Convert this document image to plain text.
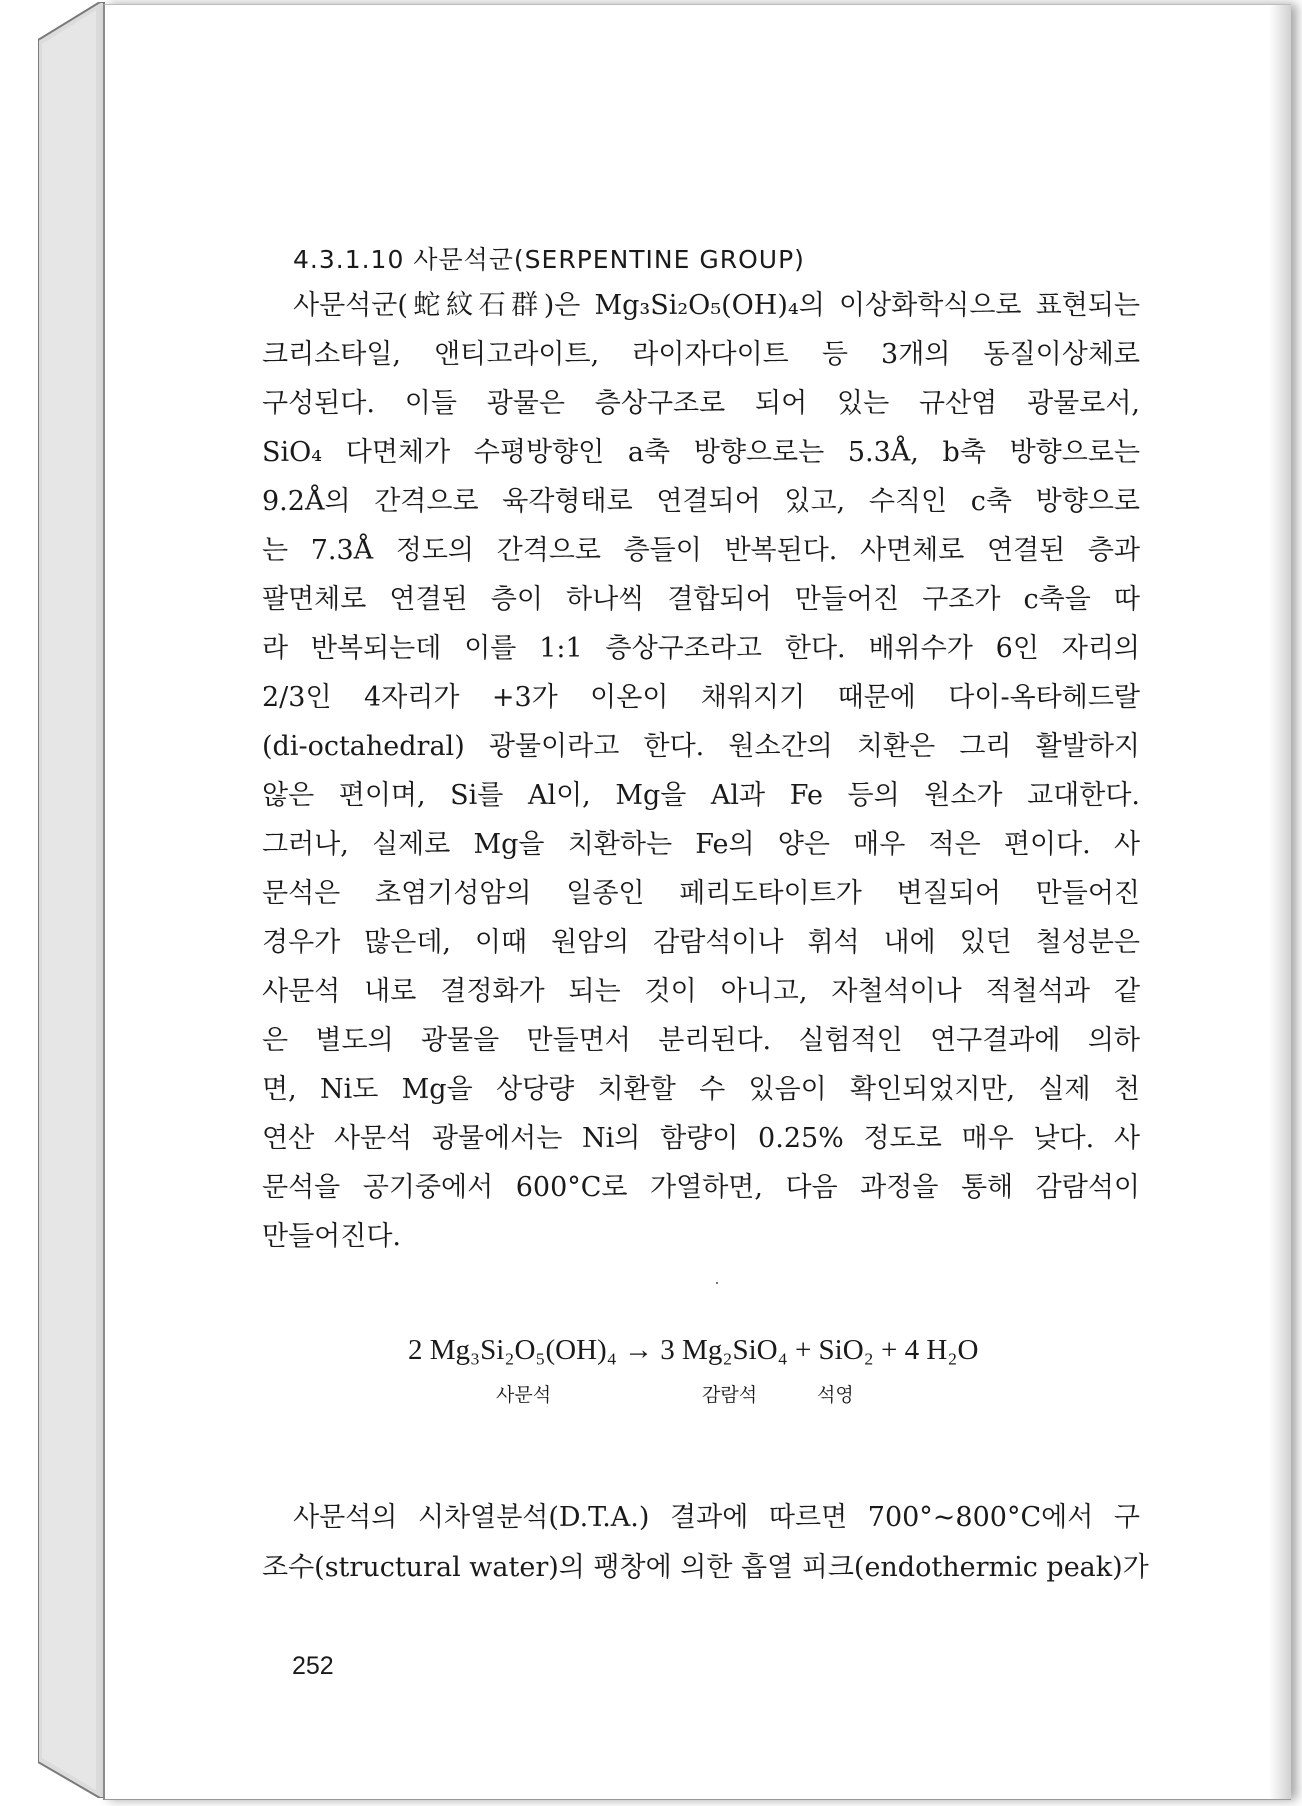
4.3.1.10 사문석군(SERPENTINE GROUP)
사문석군(蛇紋石群)은 Mg₃Si₂O₅(OH)₄의 이상화학식으로 표현되는
크리소타일, 앤티고라이트, 라이자다이트 등 3개의 동질이상체로
구성된다. 이들 광물은 층상구조로 되어 있는 규산염 광물로서,
SiO₄ 다면체가 수평방향인 a축 방향으로는 5.3Å, b축 방향으로는
9.2Å의 간격으로 육각형태로 연결되어 있고, 수직인 c축 방향으로
는 7.3Å 정도의 간격으로 층들이 반복된다. 사면체로 연결된 층과
팔면체로 연결된 층이 하나씩 결합되어 만들어진 구조가 c축을 따
라 반복되는데 이를 1:1 층상구조라고 한다. 배위수가 6인 자리의
2/3인 4자리가 +3가 이온이 채워지기 때문에 다이-옥타헤드랄
(di-octahedral) 광물이라고 한다. 원소간의 치환은 그리 활발하지
않은 편이며, Si를 Al이, Mg을 Al과 Fe 등의 원소가 교대한다.
그러나, 실제로 Mg을 치환하는 Fe의 양은 매우 적은 편이다. 사
문석은 초염기성암의 일종인 페리도타이트가 변질되어 만들어진
경우가 많은데, 이때 원암의 감람석이나 휘석 내에 있던 철성분은
사문석 내로 결정화가 되는 것이 아니고, 자철석이나 적철석과 같
은 별도의 광물을 만들면서 분리된다. 실험적인 연구결과에 의하
면, Ni도 Mg을 상당량 치환할 수 있음이 확인되었지만, 실제 천
연산 사문석 광물에서는 Ni의 함량이 0.25% 정도로 매우 낮다. 사
문석을 공기중에서 600°C로 가열하면, 다음 과정을 통해 감람석이
만들어진다.
2 Mg₃Si₂O₅(OH)₄ → 3 Mg₂SiO₄ + SiO₂ + 4 H₂O
사문석	감람석	석영
사문석의 시차열분석(D.T.A.) 결과에 따르면 700°~800°C에서 구
조수(structural water)의 팽창에 의한 흡열 피크(endothermic peak)가
252
